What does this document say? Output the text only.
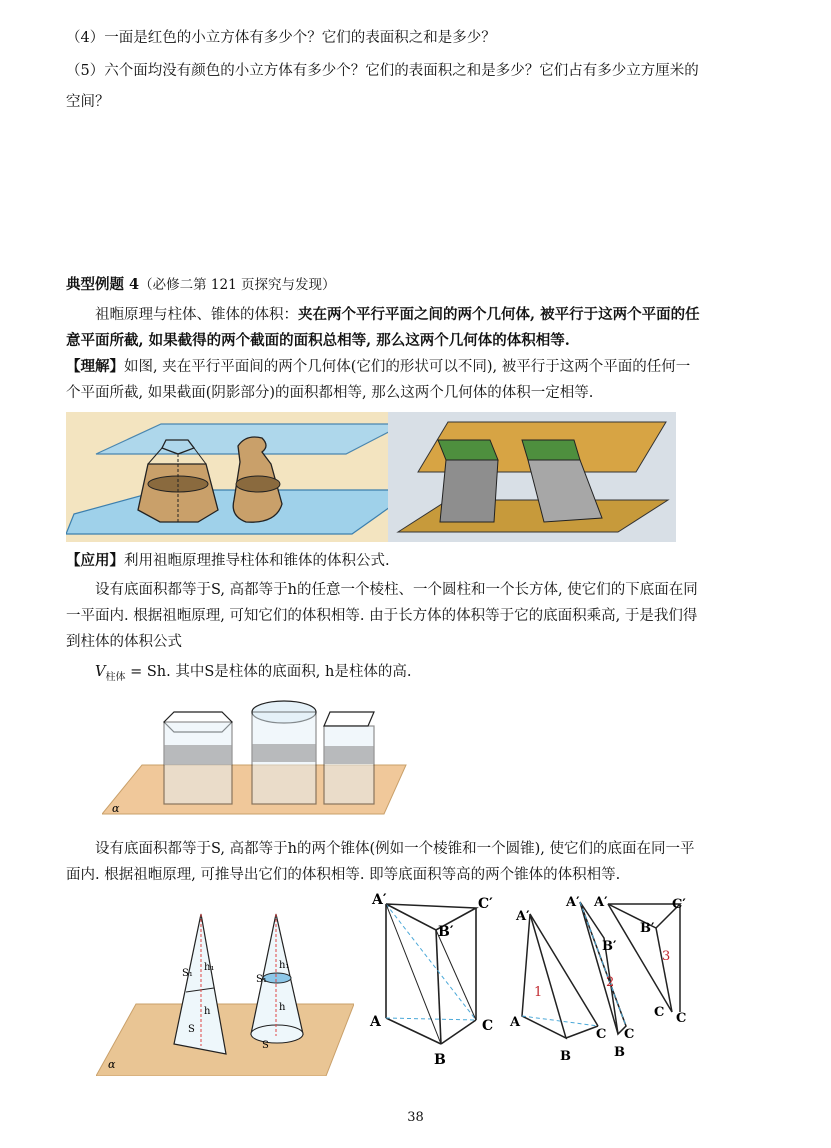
（4）一面是红色的小立方体有多少个？它们的表面积之和是多少？
（5）六个面均没有颜色的小立方体有多少个？它们的表面积之和是多少？它们占有多少立方厘米的
空间？
典型例题 4（必修二第 121 页探究与发现）
祖暅原理与柱体、锥体的体积：夹在两个平行平面之间的两个几何体, 被平行于这两个平面的任
意平面所截, 如果截得的两个截面的面积总相等, 那么这两个几何体的体积相等.
【理解】如图, 夹在平行平面间的两个几何体(它们的形状可以不同), 被平行于这两个平面的任何一
个平面所截, 如果截面(阴影部分)的面积都相等, 那么这两个几何体的体积一定相等.
【应用】利用祖暅原理推导柱体和锥体的体积公式.
设有底面积都等于S, 高都等于h的任意一个棱柱、一个圆柱和一个长方体, 使它们的下底面在同
一平面内. 根据祖暅原理, 可知它们的体积相等. 由于长方体的体积等于它的底面积乘高, 于是我们得
到柱体的体积公式
$V_{柱体} = Sh$. 其中S是柱体的底面积, h是柱体的高.
α
设有底面积都等于S, 高都等于h的两个锥体(例如一个棱锥和一个圆锥), 使它们的底面在同一平
面内. 根据祖暅原理, 可推导出它们的体积相等. 即等底面积等高的两个锥体的体积相等.
α
S₁
h₁
h
S
S₁
h₁
h
S
A′	C′
B′
A	C
B
1
2
3
A′
A′ A′
B′
C′
B′
A
C
B
C C
C
B
38
